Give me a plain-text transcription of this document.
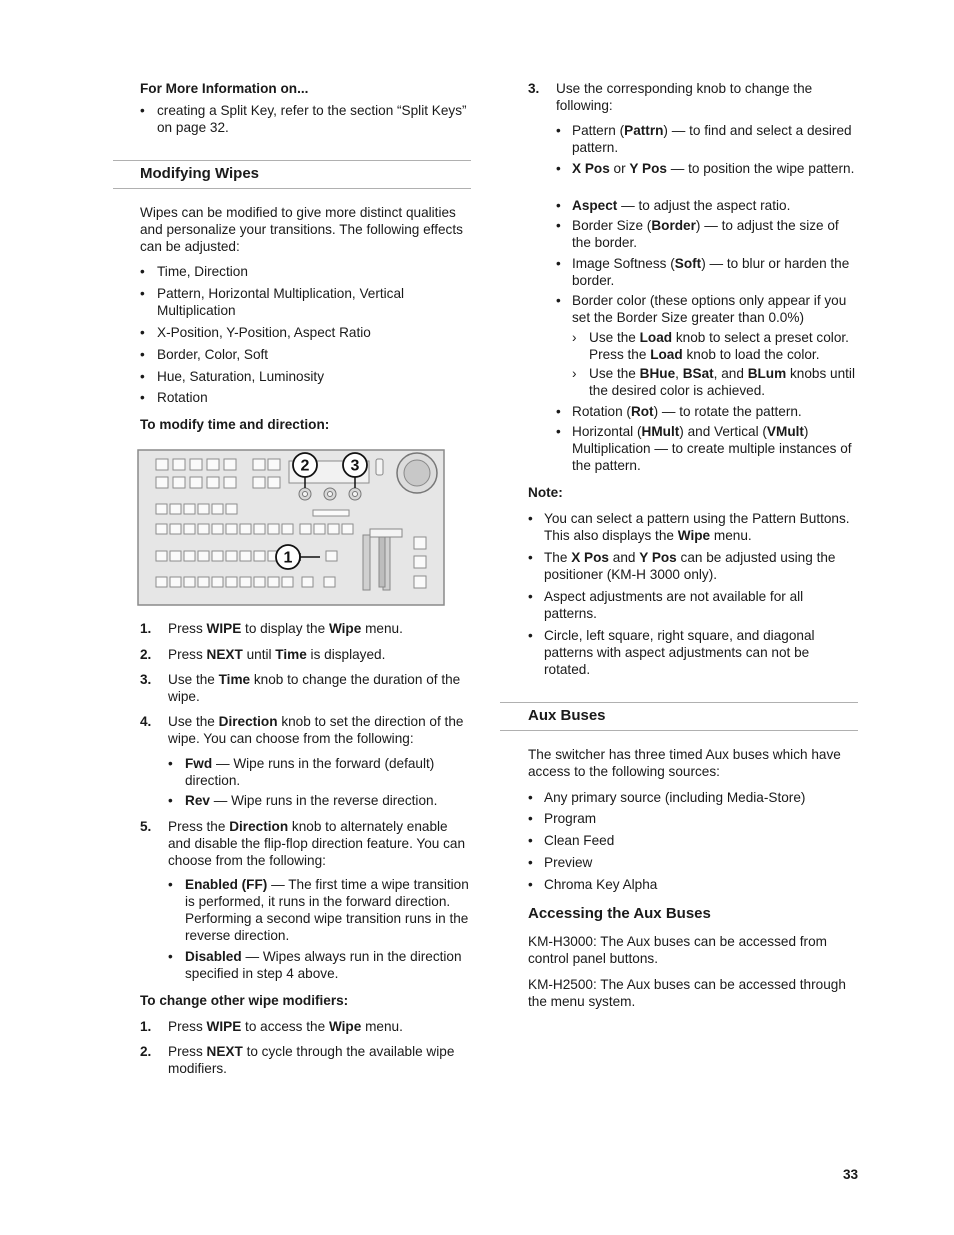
For More Information on...

• creating a Split Key, refer to the section “Split Keys” on page 32.

Modifying Wipes

Wipes can be modified to give more distinct qualities and personalize your transitions. The following effects can be adjusted:

• Time, Direction
• Pattern, Horizontal Multiplication, Vertical Multiplication
• X-Position, Y-Position, Aspect Ratio
• Border, Color, Soft
• Hue, Saturation, Luminosity
• Rotation

To modify time and direction:

2	3
1
1. Press WIPE to display the Wipe menu.
2. Press NEXT until Time is displayed.
3. Use the Time knob to change the duration of the wipe.
4. Use the Direction knob to set the direction of the wipe. You can choose from the following:
• Fwd — Wipe runs in the forward (default) direction.
• Rev — Wipe runs in the reverse direction.
5. Press the Direction knob to alternately enable and disable the flip-flop direction feature. You can choose from the following:
• Enabled (FF) — The first time a wipe transition is performed, it runs in the forward direction. Performing a second wipe transition runs in the reverse direction.
• Disabled — Wipes always run in the direction specified in step 4 above.

To change other wipe modifiers:

1. Press WIPE to access the Wipe menu.
2. Press NEXT to cycle through the available wipe modifiers.
3. Use the corresponding knob to change the following:
• Pattern (Pattrn) — to find and select a desired pattern.
• X Pos or Y Pos — to position the wipe pattern.
• Aspect — to adjust the aspect ratio.
• Border Size (Border) — to adjust the size of the border.
• Image Softness (Soft) — to blur or harden the border.
• Border color (these options only appear if you set the Border Size greater than 0.0%)
› Use the Load knob to select a preset color. Press the Load knob to load the color.
› Use the BHue, BSat, and BLum knobs until the desired color is achieved.
• Rotation (Rot) — to rotate the pattern.
• Horizontal (HMult) and Vertical (VMult) Multiplication — to create multiple instances of the pattern.

Note:

• You can select a pattern using the Pattern Buttons. This also displays the Wipe menu.
• The X Pos and Y Pos can be adjusted using the positioner (KM-H 3000 only).
• Aspect adjustments are not available for all patterns.
• Circle, left square, right square, and diagonal patterns with aspect adjustments can not be rotated.

Aux Buses

The switcher has three timed Aux buses which have access to the following sources:

• Any primary source (including Media-Store)
• Program
• Clean Feed
• Preview
• Chroma Key Alpha

Accessing the Aux Buses

KM-H3000: The Aux buses can be accessed from control panel buttons.

KM-H2500: The Aux buses can be accessed through the menu system.

33
